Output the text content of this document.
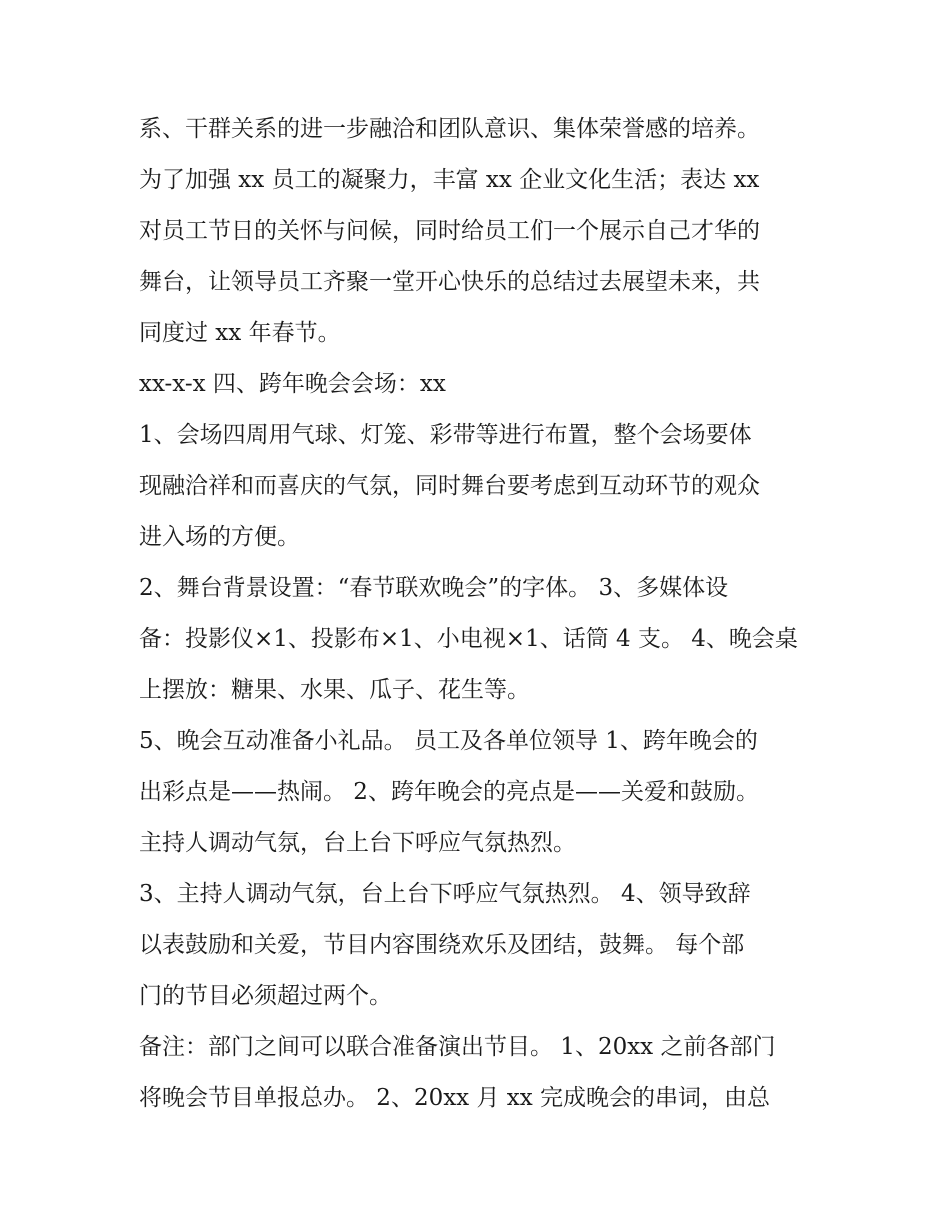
系、干群关系的进一步融洽和团队意识、集体荣誉感的培养。
为了加强 xx 员工的凝聚力，丰富 xx 企业文化生活；表达 xx
对员工节日的关怀与问候，同时给员工们一个展示自己才华的
舞台，让领导员工齐聚一堂开心快乐的总结过去展望未来，共
同度过 xx 年春节。
xx-x-x 四、跨年晚会会场：xx
1、会场四周用气球、灯笼、彩带等进行布置，整个会场要体
现融洽祥和而喜庆的气氛，同时舞台要考虑到互动环节的观众
进入场的方便。
2、舞台背景设置：“春节联欢晚会”的字体。 3、多媒体设
备：投影仪×1、投影布×1、小电视×1、话筒 4 支。 4、晚会桌
上摆放：糖果、水果、瓜子、花生等。
5、晚会互动准备小礼品。 员工及各单位领导 1、跨年晚会的
出彩点是——热闹。 2、跨年晚会的亮点是——关爱和鼓励。
主持人调动气氛，台上台下呼应气氛热烈。
3、主持人调动气氛，台上台下呼应气氛热烈。 4、领导致辞
以表鼓励和关爱，节目内容围绕欢乐及团结，鼓舞。 每个部
门的节目必须超过两个。
备注：部门之间可以联合准备演出节目。 1、20xx 之前各部门
将晚会节目单报总办。 2、20xx 月 xx 完成晚会的串词，由总
